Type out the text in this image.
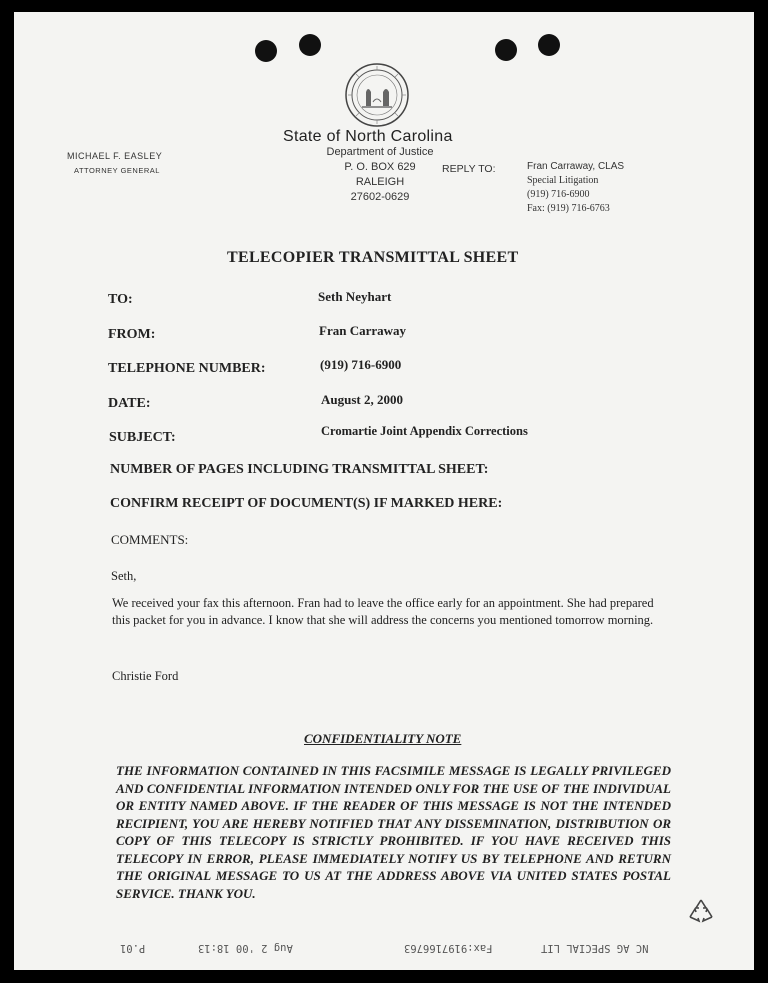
MICHAEL F. EASLEY
ATTORNEY GENERAL
State of North Carolina
Department of Justice
P. O. BOX 629
RALEIGH
27602-0629
REPLY TO:	Fran Carraway, CLAS
Special Litigation
(919) 716-6900
Fax: (919) 716-6763
TELECOPIER TRANSMITTAL SHEET
TO:	Seth Neyhart
FROM:	Fran Carraway
TELEPHONE NUMBER:	(919) 716-6900
DATE:	August 2, 2000
SUBJECT:	Cromartie Joint Appendix Corrections
NUMBER OF PAGES INCLUDING TRANSMITTAL SHEET:
CONFIRM RECEIPT OF DOCUMENT(S) IF MARKED HERE:
COMMENTS:
Seth,
We received your fax this afternoon. Fran had to leave the office early for an appointment. She had prepared this packet for you in advance. I know that she will address the concerns you mentioned tomorrow morning.
Christie Ford
CONFIDENTIALITY NOTE
THE INFORMATION CONTAINED IN THIS FACSIMILE MESSAGE IS LEGALLY PRIVILEGED AND CONFIDENTIAL INFORMATION INTENDED ONLY FOR THE USE OF THE INDIVIDUAL OR ENTITY NAMED ABOVE. IF THE READER OF THIS MESSAGE IS NOT THE INTENDED RECIPIENT, YOU ARE HEREBY NOTIFIED THAT ANY DISSEMINATION, DISTRIBUTION OR COPY OF THIS TELECOPY IS STRICTLY PROHIBITED. IF YOU HAVE RECEIVED THIS TELECOPY IN ERROR, PLEASE IMMEDIATELY NOTIFY US BY TELEPHONE AND RETURN THE ORIGINAL MESSAGE TO US AT THE ADDRESS ABOVE VIA UNITED STATES POSTAL SERVICE. THANK YOU.
P.01	Aug 2 '00 18:13	Fax:9197166763	NC AG SPECIAL LIT
